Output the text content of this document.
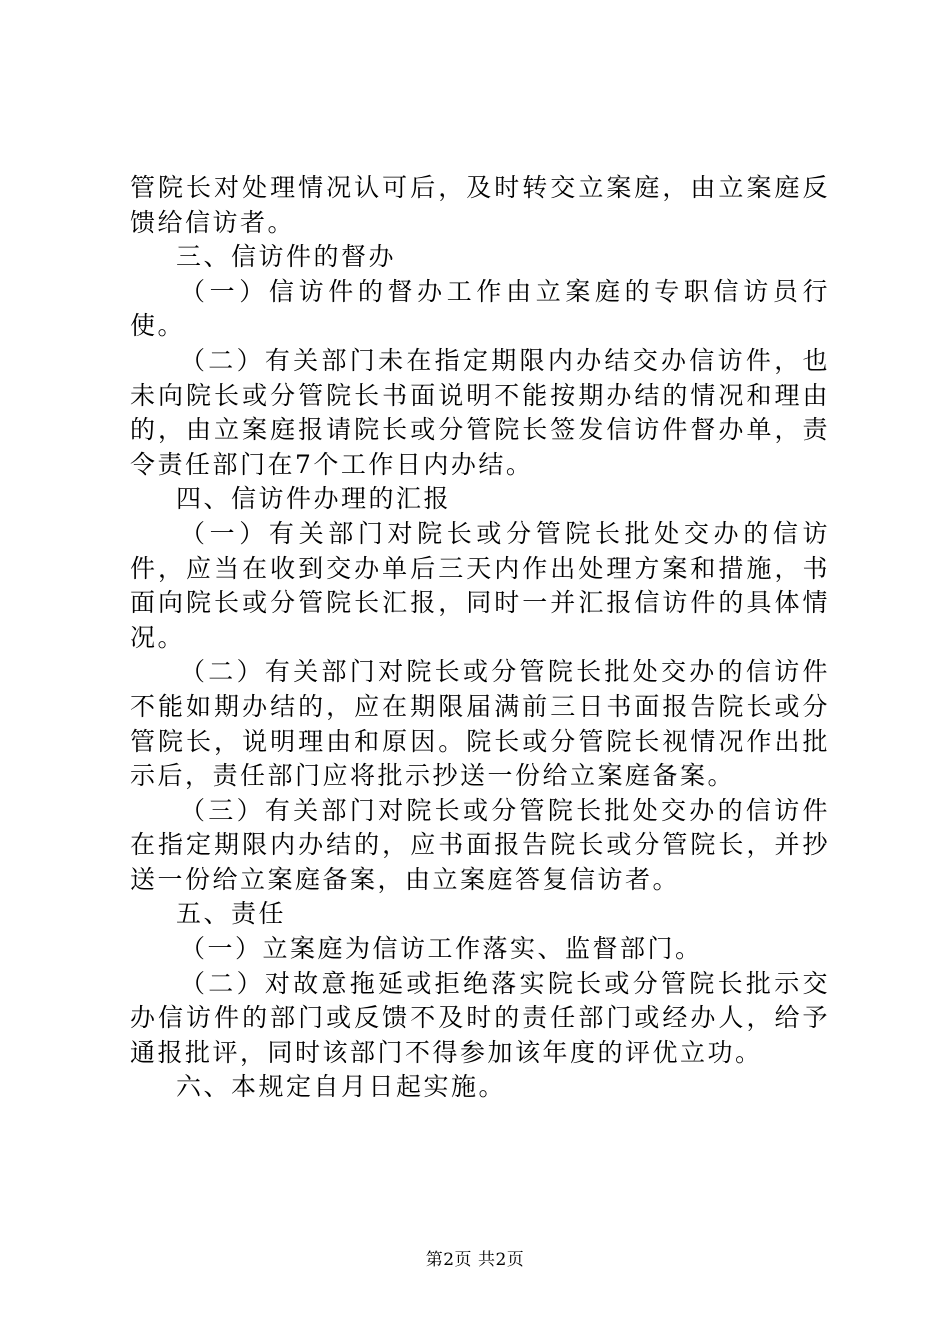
管院长对处理情况认可后，及时转交立案庭，由立案庭反馈给信访者。

三、信访件的督办

（一）信访件的督办工作由立案庭的专职信访员行使。

（二）有关部门未在指定期限内办结交办信访件，也未向院长或分管院长书面说明不能按期办结的情况和理由的，由立案庭报请院长或分管院长签发信访件督办单，责令责任部门在7个工作日内办结。

四、信访件办理的汇报

（一）有关部门对院长或分管院长批处交办的信访件，应当在收到交办单后三天内作出处理方案和措施，书面向院长或分管院长汇报，同时一并汇报信访件的具体情况。

（二）有关部门对院长或分管院长批处交办的信访件不能如期办结的，应在期限届满前三日书面报告院长或分管院长，说明理由和原因。院长或分管院长视情况作出批示后，责任部门应将批示抄送一份给立案庭备案。

（三）有关部门对院长或分管院长批处交办的信访件在指定期限内办结的，应书面报告院长或分管院长，并抄送一份给立案庭备案，由立案庭答复信访者。

五、责任

（一）立案庭为信访工作落实、监督部门。

（二）对故意拖延或拒绝落实院长或分管院长批示交办信访件的部门或反馈不及时的责任部门或经办人，给予通报批评，同时该部门不得参加该年度的评优立功。

六、本规定自月日起实施。

第2页 共2页
